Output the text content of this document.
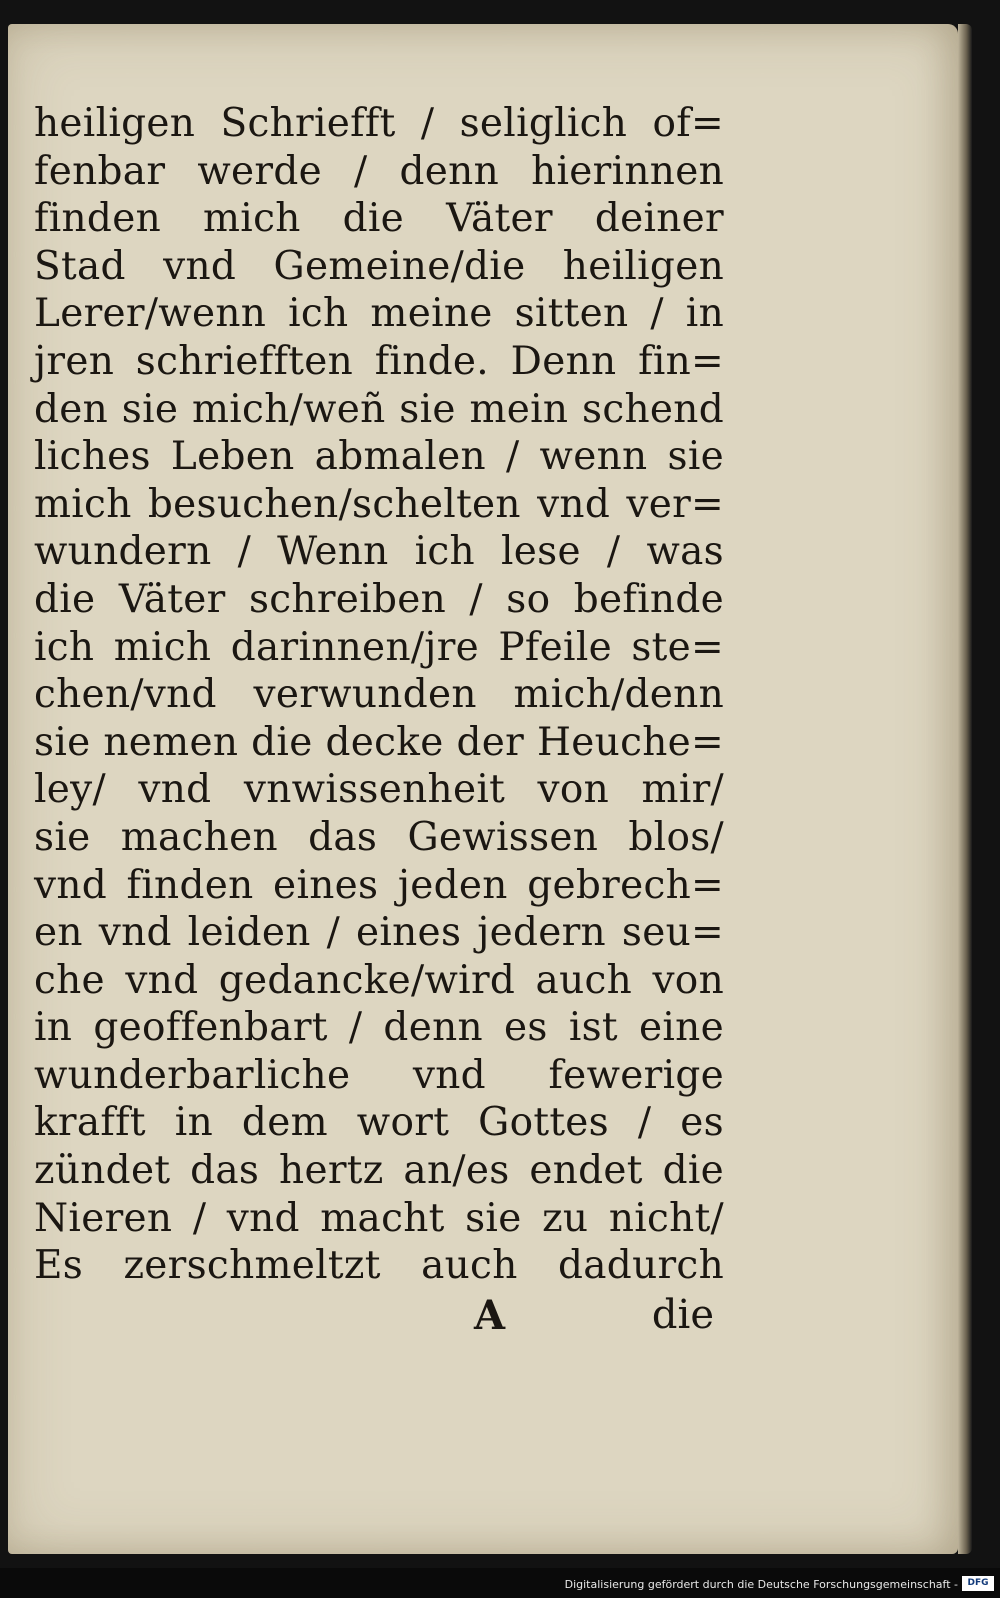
heiligen Schriefft / seliglich of=
fenbar werde / denn hierinnen
finden mich die Väter deiner
Stad vnd Gemeine/die heiligen
Lerer/wenn ich meine sitten / in
jren schriefften finde. Denn fin=
den sie mich/weñ sie mein schend
liches Leben abmalen / wenn sie
mich besuchen/schelten vnd ver=
wundern / Wenn ich lese / was
die Väter schreiben / so befinde
ich mich darinnen/jre Pfeile ste=
chen/vnd verwunden mich/denn
sie nemen die decke der Heuche=
ley/ vnd vnwissenheit von mir/
sie machen das Gewissen blos/
vnd finden eines jeden gebrech=
en vnd leiden / eines jedern seu=
che vnd gedancke/wird auch von
in geoffenbart / denn es ist eine
wunderbarliche vnd fewerige
krafft in dem wort Gottes / es
zündet das hertz an/es endet die
Nieren / vnd macht sie zu nicht/
Es zerschmeltzt auch dadurch
A	die
Digitalisierung gefördert durch die Deutsche Forschungsgemeinschaft -	DFG
